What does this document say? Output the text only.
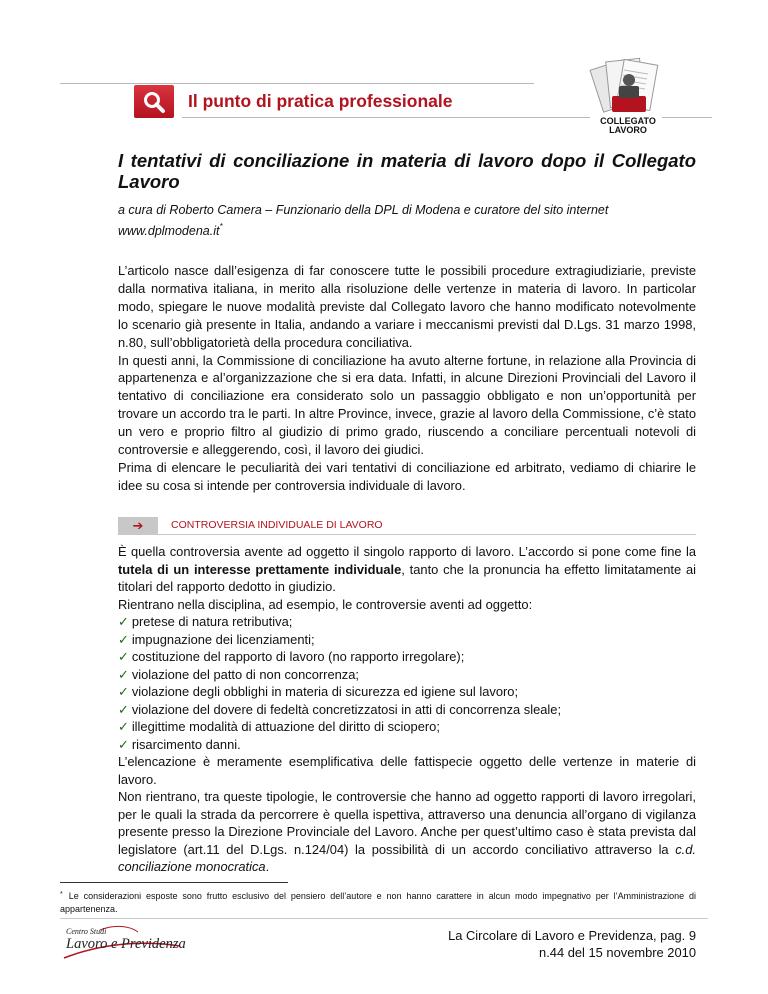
Il punto di pratica professionale
COLLEGATO
LAVORO
I tentativi di conciliazione in materia di lavoro dopo il Collegato Lavoro
a cura di Roberto Camera – Funzionario della DPL di Modena e curatore del sito internet www.dplmodena.it*

L’articolo nasce dall’esigenza di far conoscere tutte le possibili procedure extragiudiziarie, previste dalla normativa italiana, in merito alla risoluzione delle vertenze in materia di lavoro. In particolar modo, spiegare le nuove modalità previste dal Collegato lavoro che hanno modificato notevolmente lo scenario già presente in Italia, andando a variare i meccanismi previsti dal D.Lgs. 31 marzo 1998, n.80, sull’obbligatorietà della procedura conciliativa.

In questi anni, la Commissione di conciliazione ha avuto alterne fortune, in relazione alla Provincia di appartenenza e al’organizzazione che si era data. Infatti, in alcune Direzioni Provinciali del Lavoro il tentativo di conciliazione era considerato solo un passaggio obbligato e non un’opportunità per trovare un accordo tra le parti. In altre Province, invece, grazie al lavoro della Commissione, c’è stato un vero e proprio filtro al giudizio di primo grado, riuscendo a conciliare percentuali notevoli di controversie e alleggerendo, così, il lavoro dei giudici.

Prima di elencare le peculiarità dei vari tentativi di conciliazione ed arbitrato, vediamo di chiarire le idee su cosa si intende per controversia individuale di lavoro.

➔	CONTROVERSIA INDIVIDUALE DI LAVORO

È quella controversia avente ad oggetto il singolo rapporto di lavoro. L’accordo si pone come fine la tutela di un interesse prettamente individuale, tanto che la pronuncia ha effetto limitatamente ai titolari del rapporto dedotto in giudizio.

Rientrano nella disciplina, ad esempio, le controversie aventi ad oggetto:

✓ pretese di natura retributiva;
✓ impugnazione dei licenziamenti;
✓ costituzione del rapporto di lavoro (no rapporto irregolare);
✓ violazione del patto di non concorrenza;
✓ violazione degli obblighi in materia di sicurezza ed igiene sul lavoro;
✓ violazione del dovere di fedeltà concretizzatosi in atti di concorrenza sleale;
✓ illegittime modalità di attuazione del diritto di sciopero;
✓ risarcimento danni.

L’elencazione è meramente esemplificativa delle fattispecie oggetto delle vertenze in materie di lavoro.

Non rientrano, tra queste tipologie, le controversie che hanno ad oggetto rapporti di lavoro irregolari, per le quali la strada da percorrere è quella ispettiva, attraverso una denuncia all’organo di vigilanza presente presso la Direzione Provinciale del Lavoro. Anche per quest’ultimo caso è stata prevista dal legislatore (art.11 del D.Lgs. n.124/04) la possibilità di un accordo conciliativo attraverso la c.d. conciliazione monocratica.

* Le considerazioni esposte sono frutto esclusivo del pensiero dell’autore e non hanno carattere in alcun modo impegnativo per l’Amministrazione di appartenenza.
Centro Studi
Lavoro e Previdenza
La Circolare di Lavoro e Previdenza, pag. 9
n.44 del 15 novembre 2010
